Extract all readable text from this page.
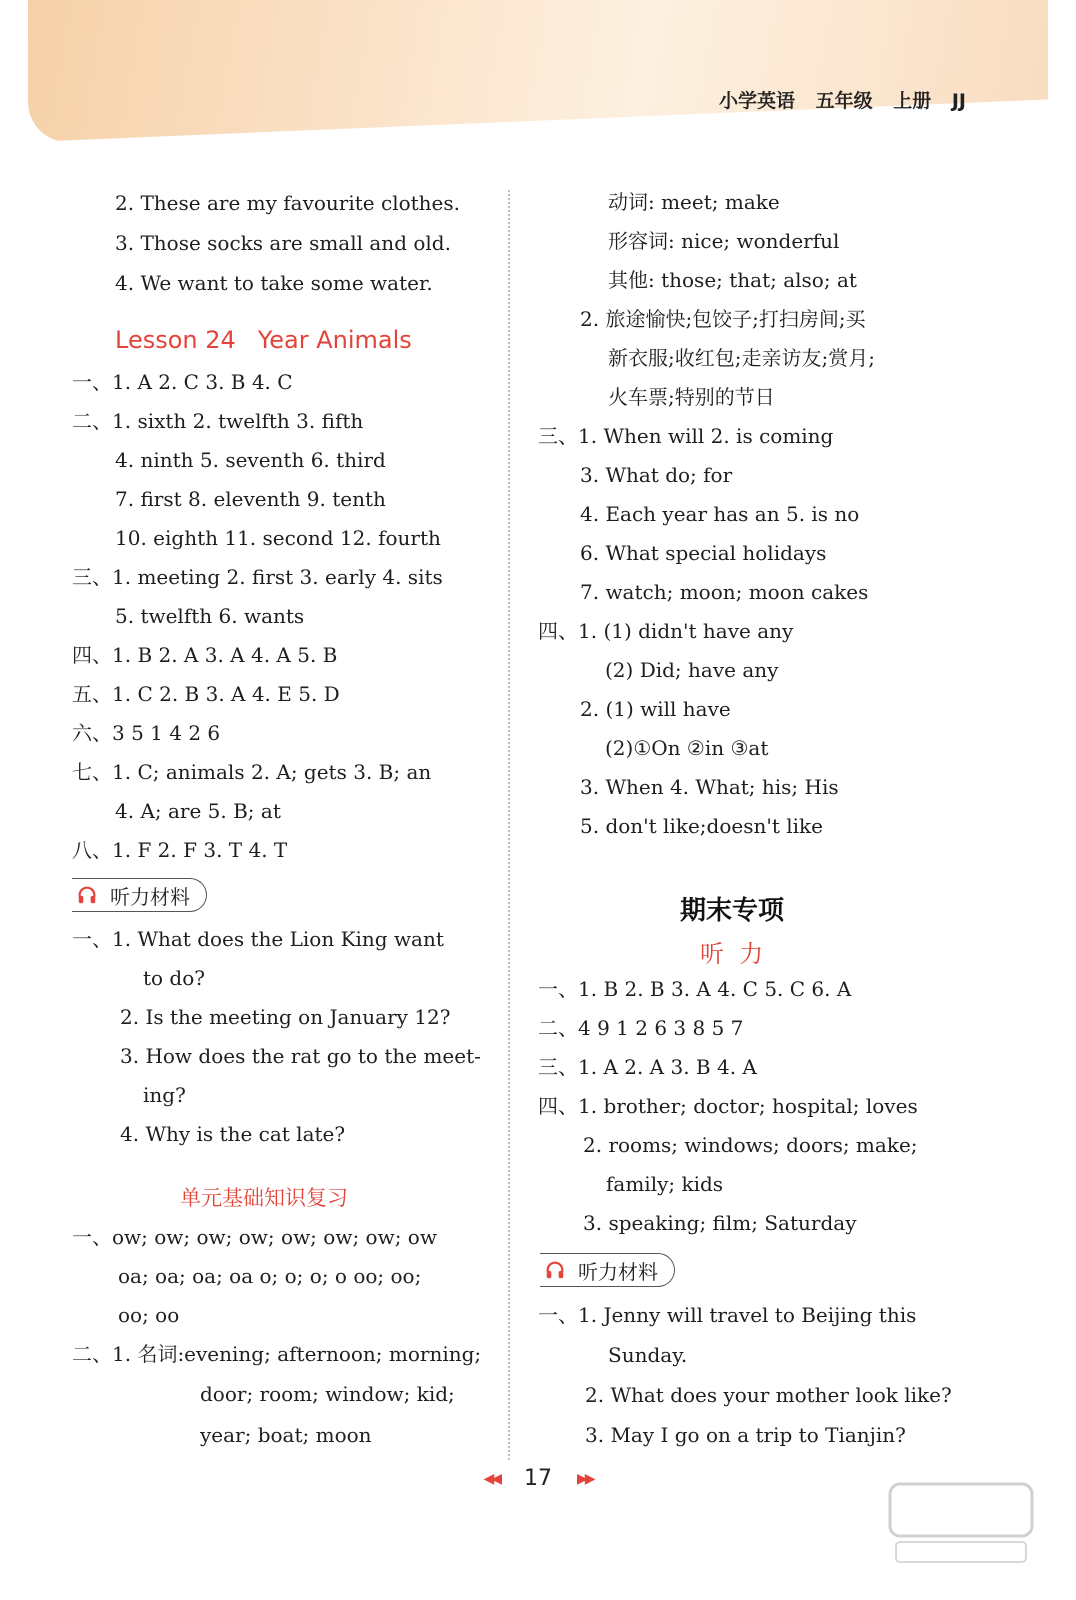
小学英语 五年级 上册 JJ
2. These are my favourite clothes.
3. Those socks are small and old.
4. We want to take some water.
Lesson 24 Year Animals
一、1. A 2. C 3. B 4. C
二、1. sixth 2. twelfth 3. fifth
4. ninth 5. seventh 6. third
7. first 8. eleventh 9. tenth
10. eighth 11. second 12. fourth
三、1. meeting 2. first 3. early 4. sits
5. twelfth 6. wants
四、1. B 2. A 3. A 4. A 5. B
五、1. C 2. B 3. A 4. E 5. D
六、3 5 1 4 2 6
七、1. C; animals 2. A; gets 3. B; an
4. A; are 5. B; at
八、1. F 2. F 3. T 4. T
听力材料
一、1. What does the Lion King want
to do?
2. Is the meeting on January 12?
3. How does the rat go to the meet-
ing?
4. Why is the cat late?
单元基础知识复习
一、ow; ow; ow; ow; ow; ow; ow; ow
oa; oa; oa; oa o; o; o; o oo; oo;
oo; oo
二、1. 名词:evening; afternoon; morning;
door; room; window; kid;
year; boat; moon
动词: meet; make
形容词: nice; wonderful
其他: those; that; also; at
2. 旅途愉快;包饺子;打扫房间;买
新衣服;收红包;走亲访友;赏月;
火车票;特别的节日
三、1. When will 2. is coming
3. What do; for
4. Each year has an 5. is no
6. What special holidays
7. watch; moon; moon cakes
四、1. (1) didn't have any
(2) Did; have any
2. (1) will have
(2)①On ②in ③at
3. When 4. What; his; His
5. don't like;doesn't like
期末专项
听  力
一、1. B 2. B 3. A 4. C 5. C 6. A
二、4 9 1 2 6 3 8 5 7
三、1. A 2. A 3. B 4. A
四、1. brother; doctor; hospital; loves
2. rooms; windows; doors; make;
family; kids
3. speaking; film; Saturday
听力材料
一、1. Jenny will travel to Beijing this
Sunday.
2. What does your mother look like?
3. May I go on a trip to Tianjin?
◀◀ 17 ▶▶
